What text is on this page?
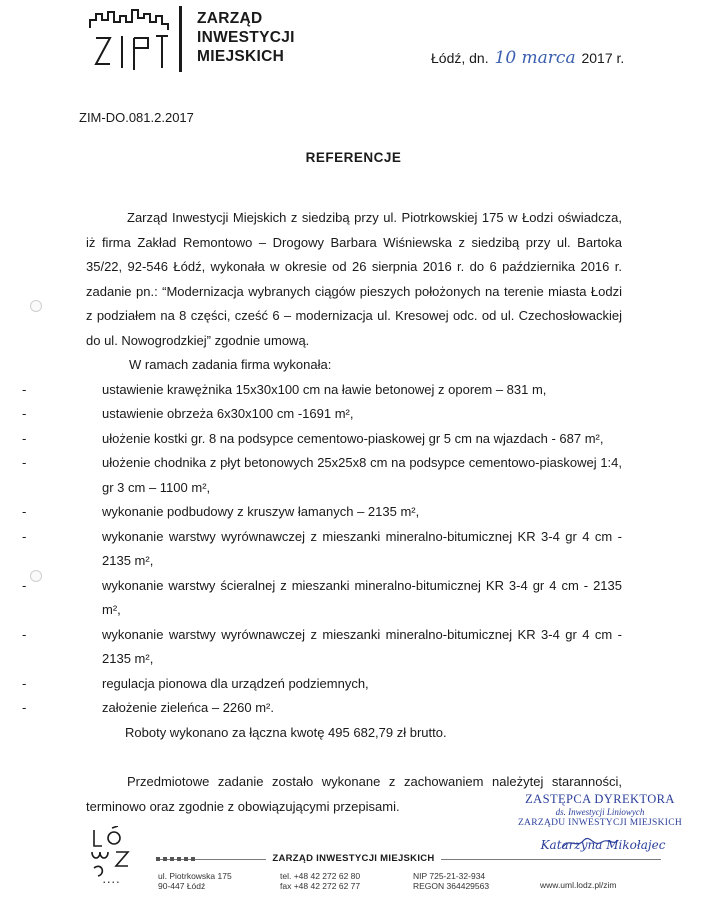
ZARZĄD
INWESTYCJI
MIEJSKICH	Łódź, dn. 10 marca 2017 r.
ZIM-DO.081.2.2017
REFERENCJE

Zarząd Inwestycji Miejskich z siedzibą przy ul. Piotrkowskiej 175 w Łodzi oświadcza,

iż firma Zakład Remontowo – Drogowy Barbara Wiśniewska z siedzibą przy ul. Bartoka

35/22, 92-546 Łódź, wykonała w okresie od 26 sierpnia 2016 r. do 6 października 2016 r.

zadanie pn.: “Modernizacja wybranych ciągów pieszych położonych na terenie miasta Łodzi

z podziałem na 8 części, cześć 6 – modernizacja ul. Kresowej odc. od ul. Czechosłowackiej

do ul. Nowogrodzkiej” zgodnie umową.

W ramach zadania firma wykonała:

-	ustawienie krawężnika 15x30x100 cm na ławie betonowej z oporem – 831 m,
-	ustawienie obrzeża 6x30x100 cm -1691 m²,
-	ułożenie kostki gr. 8 na podsypce cementowo-piaskowej gr 5 cm na wjazdach - 687 m²,
-	ułożenie chodnika z płyt betonowych 25x25x8 cm na podsypce cementowo-piaskowej 1:4, gr 3 cm – 1100 m²,
-	wykonanie podbudowy z kruszyw łamanych – 2135 m²,
-	wykonanie warstwy wyrównawczej z mieszanki mineralno-bitumicznej KR 3-4 gr 4 cm - 2135 m²,
-	wykonanie warstwy ścieralnej z mieszanki mineralno-bitumicznej KR 3-4 gr 4 cm - 2135 m²,
-	wykonanie warstwy wyrównawczej z mieszanki mineralno-bitumicznej KR 3-4 gr 4 cm - 2135 m²,
-	regulacja pionowa dla urządzeń podziemnych,
-	założenie zieleńca – 2260 m².

Roboty wykonano za łączna kwotę 495 682,79 zł brutto.

Przedmiotowe zadanie zostało wykonane z zachowaniem należytej staranności,

terminowo oraz zgodnie z obowiązującymi przepisami.	ZASTĘPCA DYREKTORA
ds. Inwestycji Liniowych
ZARZĄDU INWESTYCJI MIEJSKICH
Katarzyna Mikołajec
• • • •
ZARZĄD INWESTYCJI MIEJSKICH
ul. Piotrkowska 175
90-447 Łódź
tel. +48 42 272 62 80
fax +48 42 272 62 77
NIP 725-21-32-934
REGON 364429563	www.uml.lodz.pl/zim
